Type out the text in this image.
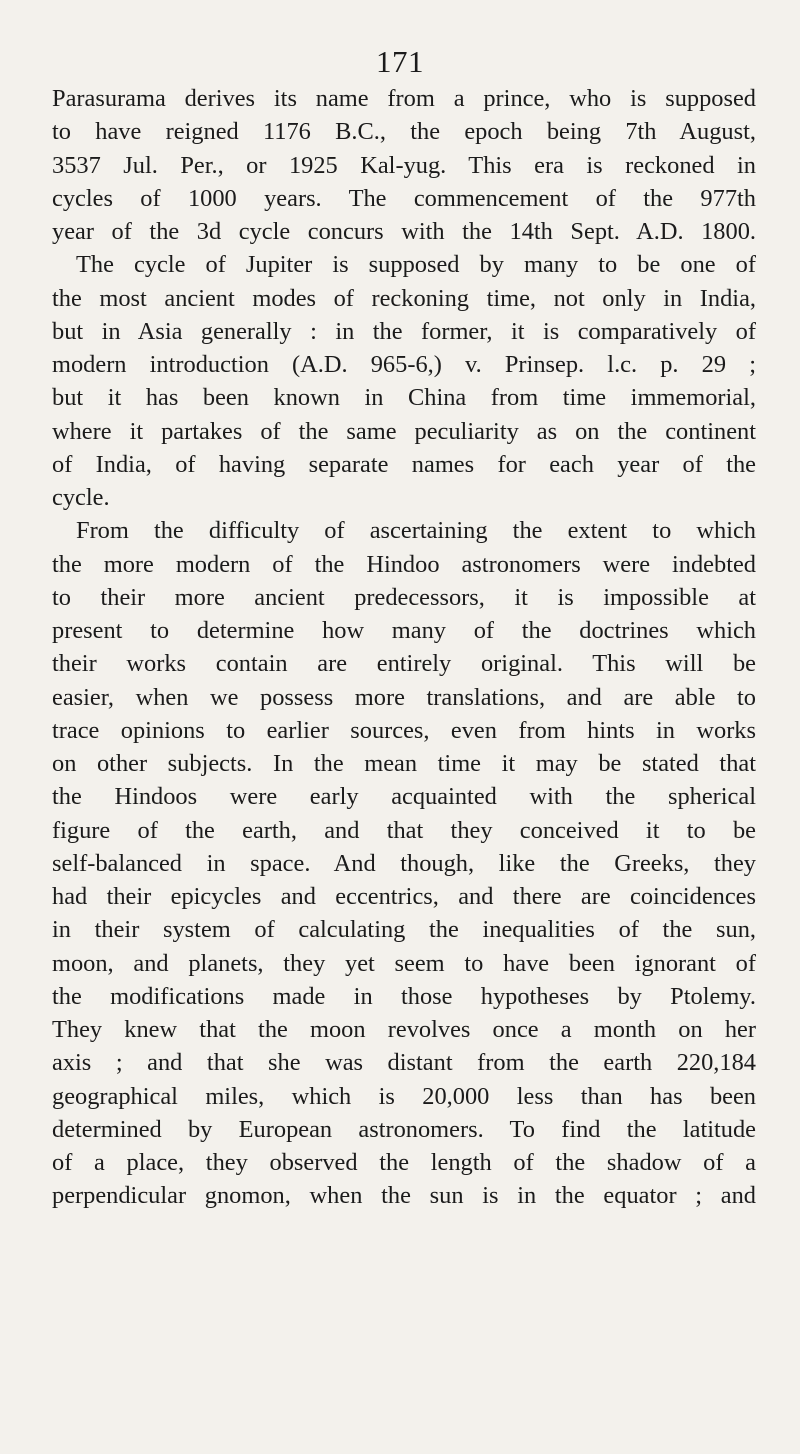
171
Parasurama derives its name from a prince, who is supposed
to have reigned 1176 B.C., the epoch being 7th August,
3537 Jul. Per., or 1925 Kal-yug. This era is reckoned in
cycles of 1000 years. The commencement of the 977th
year of the 3d cycle concurs with the 14th Sept. A.D. 1800.
The cycle of Jupiter is supposed by many to be one of
the most ancient modes of reckoning time, not only in India,
but in Asia generally : in the former, it is comparatively of
modern introduction (A.D. 965-6,) v. Prinsep. l.c. p. 29 ;
but it has been known in China from time immemorial,
where it partakes of the same peculiarity as on the continent
of India, of having separate names for each year of the
cycle.
From the difficulty of ascertaining the extent to which
the more modern of the Hindoo astronomers were indebted
to their more ancient predecessors, it is impossible at
present to determine how many of the doctrines which
their works contain are entirely original. This will be
easier, when we possess more translations, and are able to
trace opinions to earlier sources, even from hints in works
on other subjects. In the mean time it may be stated that
the Hindoos were early acquainted with the spherical
figure of the earth, and that they conceived it to be
self-balanced in space. And though, like the Greeks, they
had their epicycles and eccentrics, and there are coincidences
in their system of calculating the inequalities of the sun,
moon, and planets, they yet seem to have been ignorant of
the modifications made in those hypotheses by Ptolemy.
They knew that the moon revolves once a month on her
axis ; and that she was distant from the earth 220,184
geographical miles, which is 20,000 less than has been
determined by European astronomers. To find the latitude
of a place, they observed the length of the shadow of a
perpendicular gnomon, when the sun is in the equator ; and
